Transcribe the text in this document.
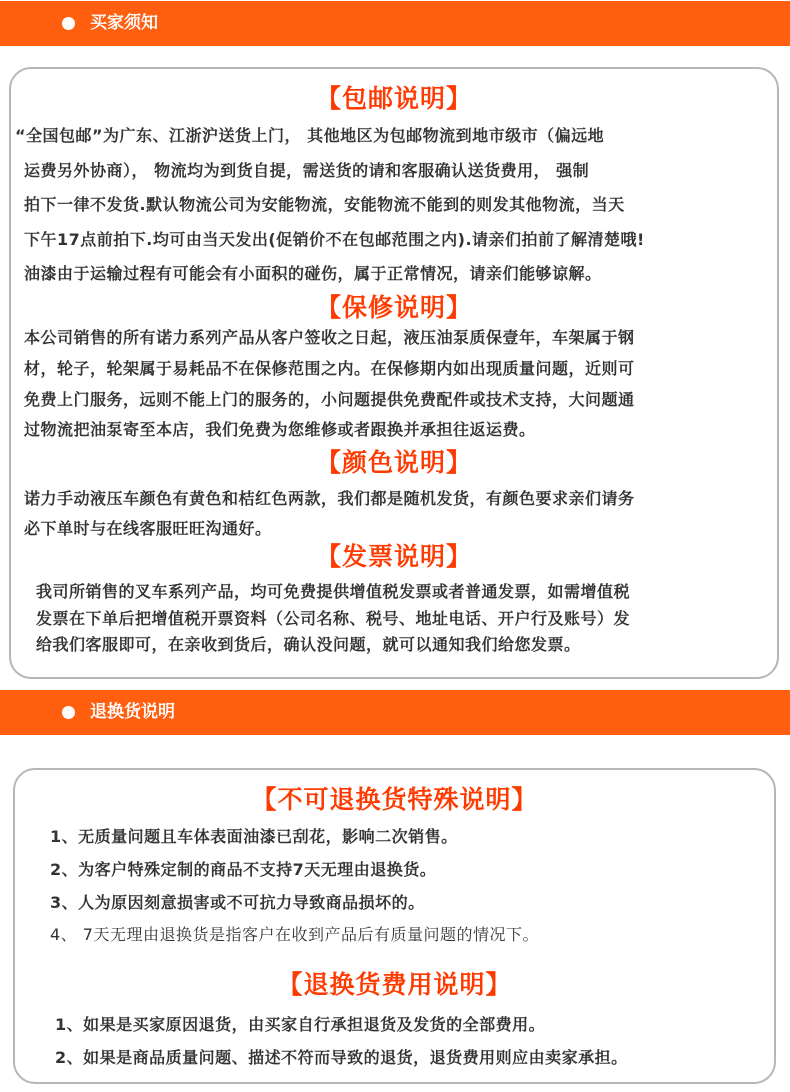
买家须知
【包邮说明】
“全国包邮”为广东、江浙沪送货上门， 其他地区为包邮物流到地市级市（偏远地
运费另外协商）， 物流均为到货自提，需送货的请和客服确认送货费用， 强制
拍下一律不发货.默认物流公司为安能物流，安能物流不能到的则发其他物流，当天
下午17点前拍下.均可由当天发出(促销价不在包邮范围之内).请亲们拍前了解清楚哦!
油漆由于运输过程有可能会有小面积的碰伤，属于正常情况，请亲们能够谅解。
【保修说明】
本公司销售的所有诺力系列产品从客户签收之日起，液压油泵质保壹年，车架属于钢
材，轮子，轮架属于易耗品不在保修范围之内。在保修期内如出现质量问题，近则可
免费上门服务，远则不能上门的服务的，小问题提供免费配件或技术支持，大问题通
过物流把油泵寄至本店，我们免费为您维修或者跟换并承担往返运费。
【颜色说明】
诺力手动液压车颜色有黄色和桔红色两款，我们都是随机发货，有颜色要求亲们请务
必下单时与在线客服旺旺沟通好。
【发票说明】
我司所销售的叉车系列产品，均可免费提供增值税发票或者普通发票，如需增值税
发票在下单后把增值税开票资料（公司名称、税号、地址电话、开户行及账号）发
给我们客服即可，在亲收到货后，确认没问题，就可以通知我们给您发票。
退换货说明
【不可退换货特殊说明】
1、无质量问题且车体表面油漆已刮花，影响二次销售。
2、为客户特殊定制的商品不支持7天无理由退换货。
3、人为原因刻意损害或不可抗力导致商品损坏的。
4、 7天无理由退换货是指客户在收到产品后有质量问题的情况下。
【退换货费用说明】
1、如果是买家原因退货，由买家自行承担退货及发货的全部费用。
2、如果是商品质量问题、描述不符而导致的退货，退货费用则应由卖家承担。
